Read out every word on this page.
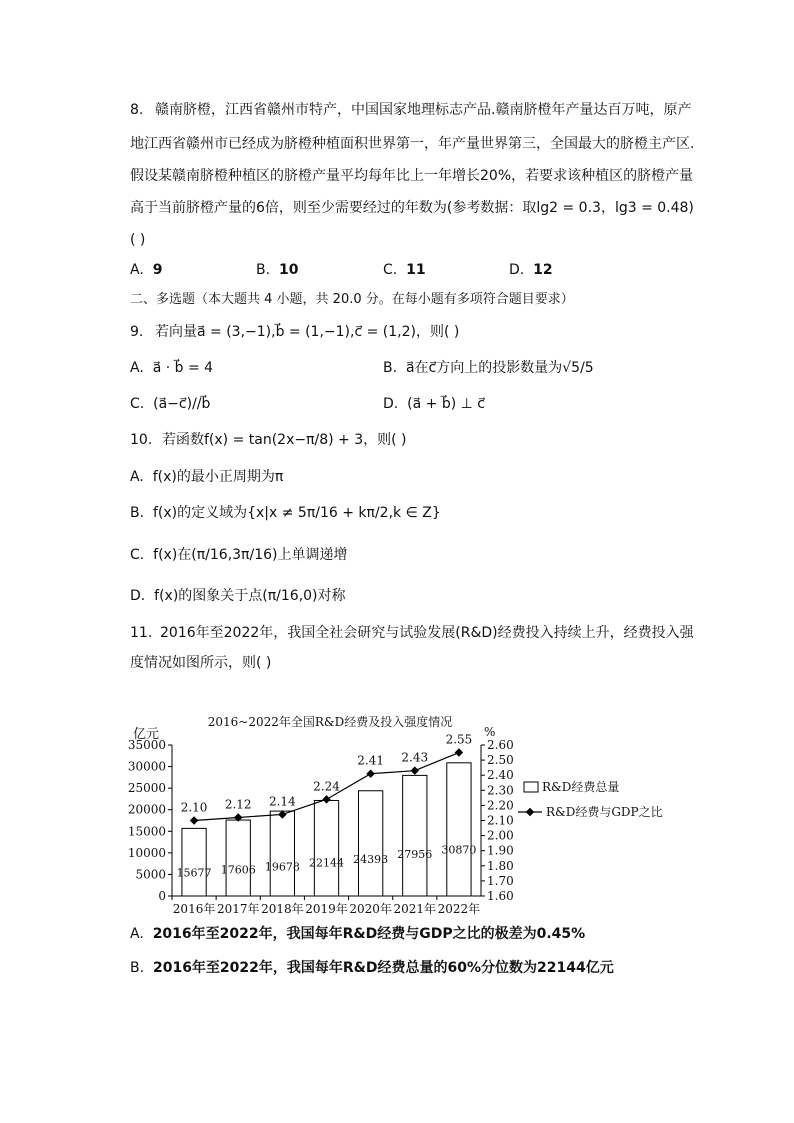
8. 赣南脐橙，江西省赣州市特产，中国国家地理标志产品.赣南脐橙年产量达百万吨，原产
地江西省赣州市已经成为脐橙种植面积世界第一，年产量世界第三，全国最大的脐橙主产区.
假设某赣南脐橙种植区的脐橙产量平均每年比上一年增长20%，若要求该种植区的脐橙产量
高于当前脐橙产量的6倍，则至少需要经过的年数为(参考数据：取lg2 = 0.3，lg3 = 0.48)
( )
A. 9	B. 10	C. 11	D. 12
二、多选题（本大题共 4 小题，共 20.0 分。在每小题有多项符合题目要求）
9. 若向量a⃗ = (3,−1),b⃗ = (1,−1),c⃗ = (1,2)，则( )
A. a⃗ · b⃗ = 4	B. a⃗在c⃗方向上的投影数量为√5/5
C. (a⃗−c⃗)//b⃗	D. (a⃗ + b⃗) ⊥ c⃗
10. 若函数f(x) = tan(2x−π/8) + 3，则( )
A. f(x)的最小正周期为π
B. f(x)的定义域为{x|x ≠ 5π/16 + kπ/2,k ∈ Z}
C. f(x)在(π/16,3π/16)上单调递增
D. f(x)的图象关于点(π/16,0)对称
11. 2016年至2022年，我国全社会研究与试验发展(R&D)经费投入持续上升，经费投入强
度情况如图所示，则( )
2016~2022年全国R&D经费及投入强度情况
亿元	%
0
5000
10000
15000
20000
25000
30000
35000
1.60
1.70
1.80
1.90
2.00
2.10
2.20
2.30
2.40
2.50
2.60
15677 17606 19678 22144 24393 27956 30870
2016年 2017年 2018年 2019年 2020年 2021年 2022年
2.10 2.12 2.14
2.24
2.41 2.43
2.55
R&D经费总量
R&D经费与GDP之比
A. 2016年至2022年，我国每年R&D经费与GDP之比的极差为0.45%
B. 2016年至2022年，我国每年R&D经费总量的60%分位数为22144亿元
